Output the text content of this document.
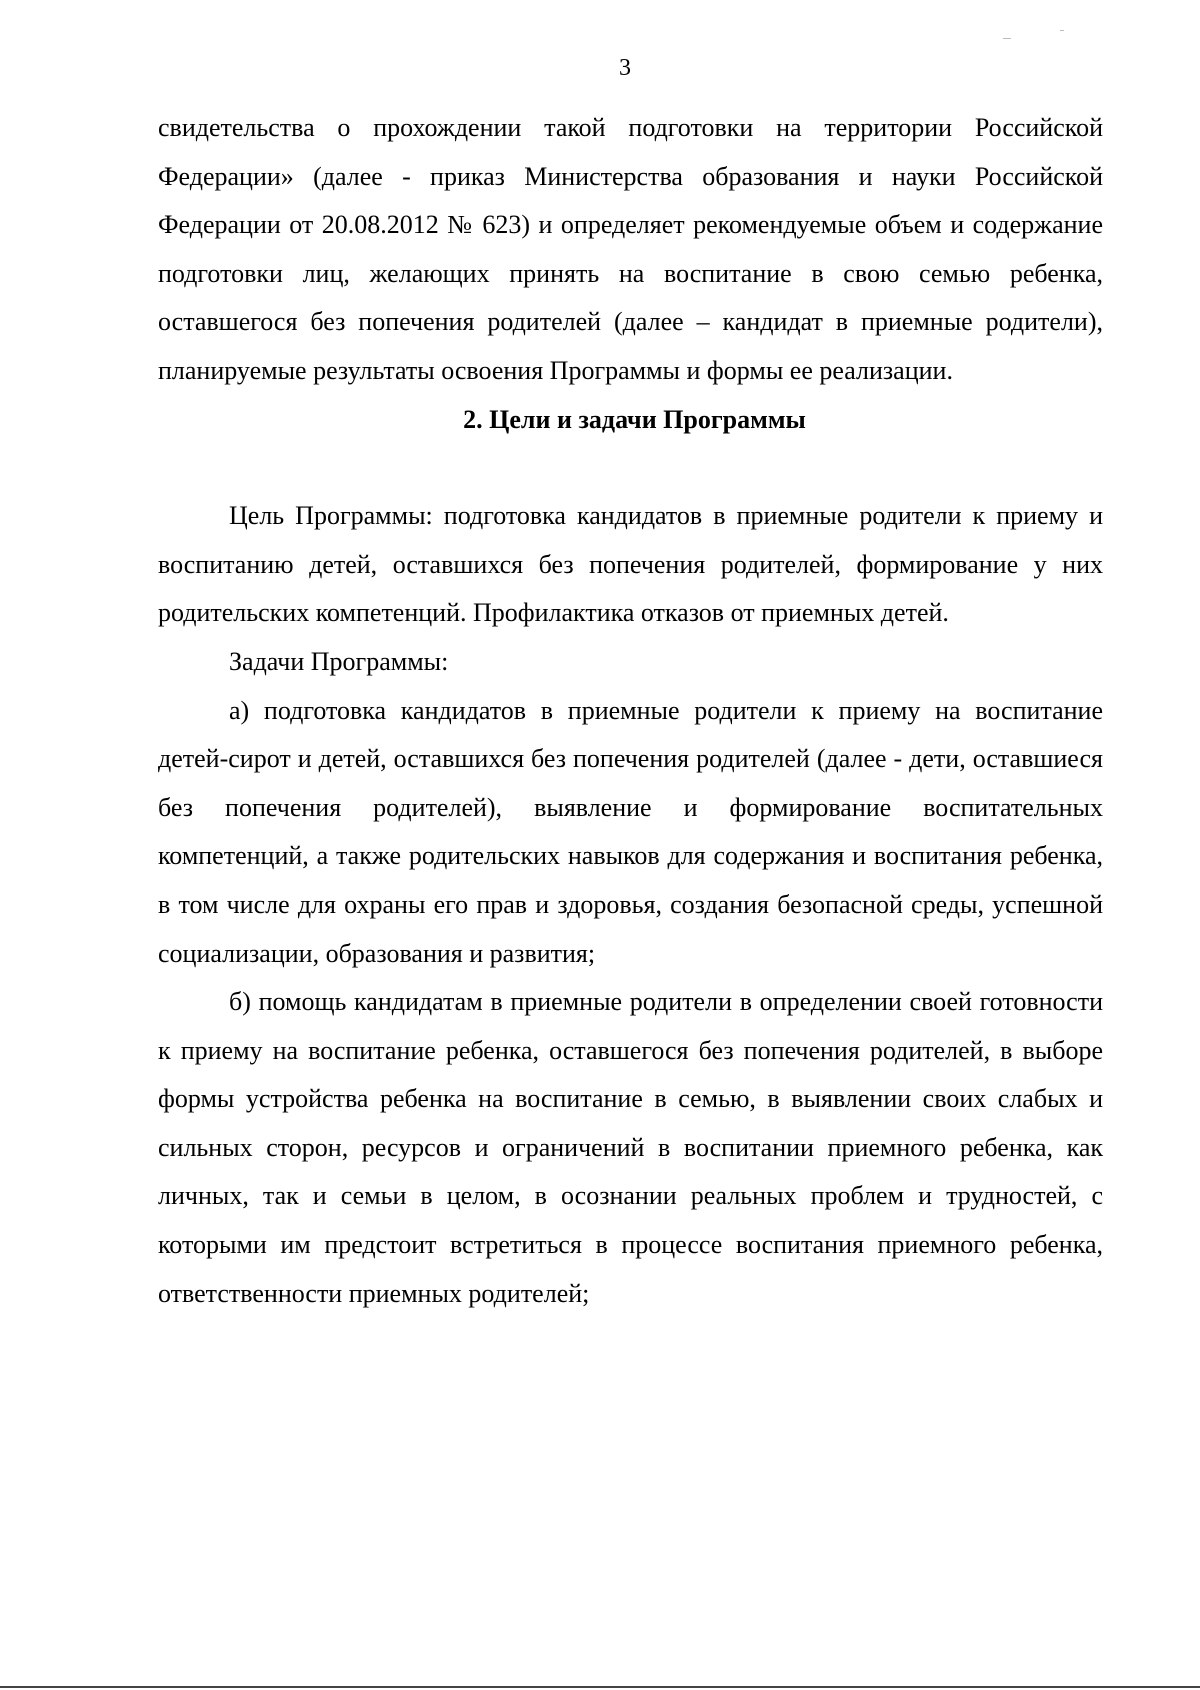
3

свидетельства о прохождении такой подготовки на территории Российской Федерации» (далее - приказ Министерства образования и науки Российской Федерации от 20.08.2012 № 623) и определяет рекомендуемые объем и содержание подготовки лиц, желающих принять на воспитание в свою семью ребенка, оставшегося без попечения родителей (далее – кандидат в приемные родители), планируемые результаты освоения Программы и формы ее реализации.

2. Цели и задачи Программы

Цель Программы: подготовка кандидатов в приемные родители к приему и воспитанию детей, оставшихся без попечения родителей, формирование у них родительских компетенций. Профилактика отказов от приемных детей.

Задачи Программы:

а) подготовка кандидатов в приемные родители к приему на воспитание детей-сирот и детей, оставшихся без попечения родителей (далее - дети, оставшиеся без попечения родителей), выявление и формирование воспитательных компетенций, а также родительских навыков для содержания и воспитания ребенка, в том числе для охраны его прав и здоровья, создания безопасной среды, успешной социализации, образования и развития;

б) помощь кандидатам в приемные родители в определении своей готовности к приему на воспитание ребенка, оставшегося без попечения родителей, в выборе формы устройства ребенка на воспитание в семью, в выявлении своих слабых и сильных сторон, ресурсов и ограничений в воспитании приемного ребенка, как личных, так и семьи в целом, в осознании реальных проблем и трудностей, с которыми им предстоит встретиться в процессе воспитания приемного ребенка, ответственности приемных родителей;
